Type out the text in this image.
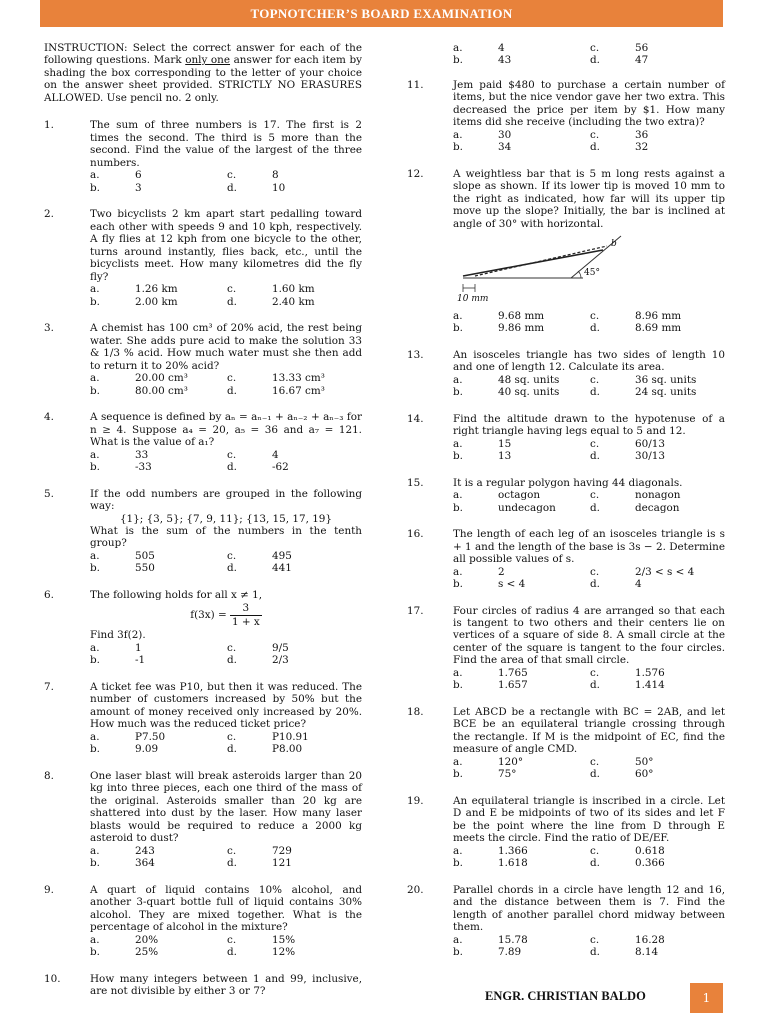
TOPNOTCHER’S BOARD EXAMINATION

INSTRUCTION: Select the correct answer for each of the following questions. Mark only one answer for each item by shading the box corresponding to the letter of your choice on the answer sheet provided. STRICTLY NO ERASURES ALLOWED. Use pencil no. 2 only.

1.	The sum of three numbers is 17. The first is 2 times the second. The third is 5 more than the second. Find the value of the largest of the three numbers.
a.	6	c.	8
b.	3	d.	10
2.	Two bicyclists 2 km apart start pedalling toward each other with speeds 9 and 10 kph, respectively. A fly flies at 12 kph from one bicycle to the other, turns around instantly, flies back, etc., until the bicyclists meet. How many kilometres did the fly fly?
a.	1.26 km	c.	1.60 km
b.	2.00 km	d.	2.40 km
3.	A chemist has 100 cm³ of 20% acid, the rest being water. She adds pure acid to make the solution 33 & 1/3 % acid. How much water must she then add to return it to 20% acid?
a.	20.00 cm³	c.	13.33 cm³
b.	80.00 cm³	d.	16.67 cm³
4.	A sequence is defined by aₙ = aₙ₋₁ + aₙ₋₂ + aₙ₋₃ for n ≥ 4. Suppose a₄ = 20, a₅ = 36 and a₇ = 121. What is the value of a₁?
a.	33	c.	4
b.	-33	d.	-62
5.	If the odd numbers are grouped in the following way:
{1}; {3, 5}; {7, 9, 11}; {13, 15, 17, 19}
What is the sum of the numbers in the tenth group?
a.	505	c.	495
b.	550	d.	441
6.	The following holds for all x ≠ 1,
$f(3x) = \frac{3}{1 + x}$
Find 3f(2).
a.	1	c.	9/5
b.	-1	d.	2/3
7.	A ticket fee was P10, but then it was reduced. The number of customers increased by 50% but the amount of money received only increased by 20%. How much was the reduced ticket price?
a.	P7.50	c.	P10.91
b.	9.09	d.	P8.00
8.	One laser blast will break asteroids larger than 20 kg into three pieces, each one third of the mass of the original. Asteroids smaller than 20 kg are shattered into dust by the laser. How many laser blasts would be required to reduce a 2000 kg asteroid to dust?
a.	243	c.	729
b.	364	d.	121
9.	A quart of liquid contains 10% alcohol, and another 3-quart bottle full of liquid contains 30% alcohol. They are mixed together. What is the percentage of alcohol in the mixture?
a.	20%	c.	15%
b.	25%	d.	12%
10.	How many integers between 1 and 99, inclusive, are not divisible by either 3 or 7?
a.	4	c.	56
b.	43	d.	47
11.	Jem paid $480 to purchase a certain number of items, but the nice vendor gave her two extra. This decreased the price per item by $1. How many items did she receive (including the two extra)?
a.	30	c.	36
b.	34	d.	32
12.	A weightless bar that is 5 m long rests against a slope as shown. If its lower tip is moved 10 mm to the right as indicated, how far will its upper tip move up the slope? Initially, the bar is inclined at angle of 30° with horizontal.
45°
b
10 mm
a.	9.68 mm	c.	8.96 mm
b.	9.86 mm	d.	8.69 mm
13.	An isosceles triangle has two sides of length 10 and one of length 12. Calculate its area.
a.	48 sq. units	c.	36 sq. units
b.	40 sq. units	d.	24 sq. units
14.	Find the altitude drawn to the hypotenuse of a right triangle having legs equal to 5 and 12.
a.	15	c.	60/13
b.	13	d.	30/13
15.	It is a regular polygon having 44 diagonals.
a.	octagon	c.	nonagon
b.	undecagon	d.	decagon
16.	The length of each leg of an isosceles triangle is s + 1 and the length of the base is 3s − 2. Determine all possible values of s.
a.	2	c.	2/3 < s < 4
b.	s < 4	d.	4
17.	Four circles of radius 4 are arranged so that each is tangent to two others and their centers lie on vertices of a square of side 8. A small circle at the center of the square is tangent to the four circles. Find the area of that small circle.
a.	1.765	c.	1.576
b.	1.657	d.	1.414
18.	Let ABCD be a rectangle with BC = 2AB, and let BCE be an equilateral triangle crossing through the rectangle. If M is the midpoint of EC, find the measure of angle CMD.
a.	120°	c.	50°
b.	75°	d.	60°
19.	An equilateral triangle is inscribed in a circle. Let D and E be midpoints of two of its sides and let F be the point where the line from D through E meets the circle. Find the ratio of DE/EF.
a.	1.366	c.	0.618
b.	1.618	d.	0.366
20.	Parallel chords in a circle have length 12 and 16, and the distance between them is 7. Find the length of another parallel chord midway between them.
a.	15.78	c.	16.28
b.	7.89	d.	8.14
ENGR. CHRISTIAN BALDO	1
